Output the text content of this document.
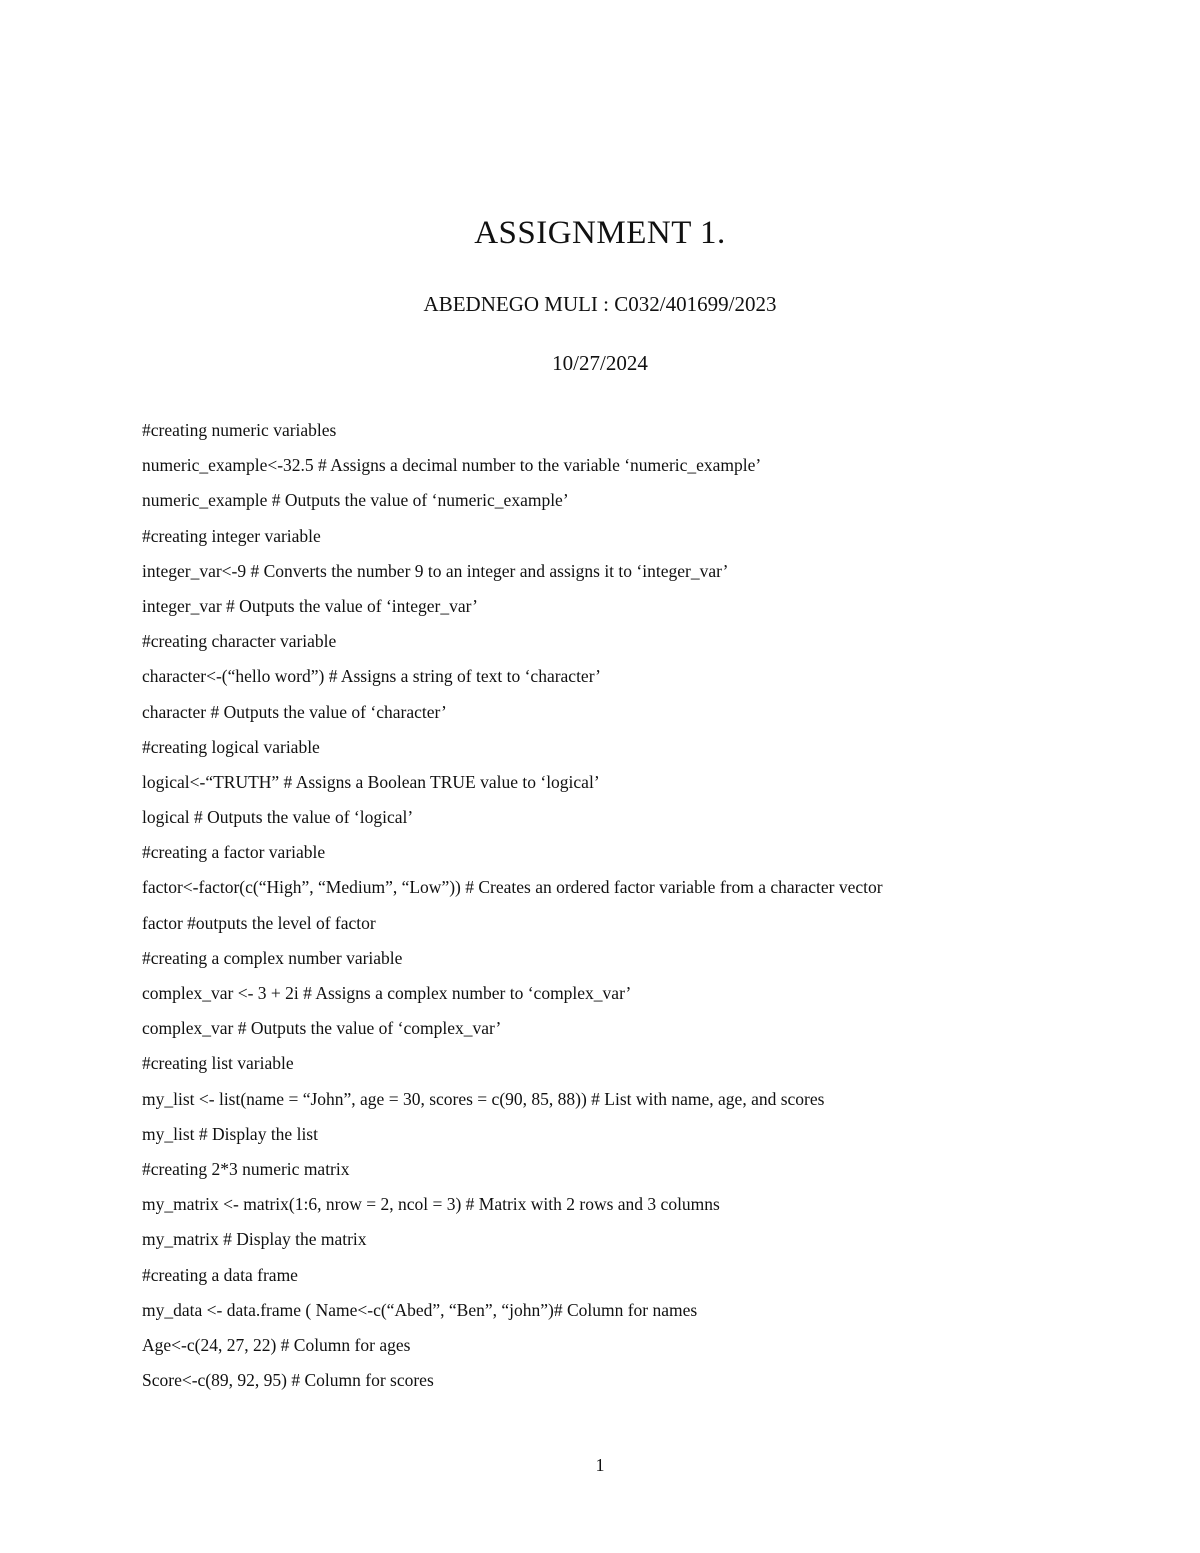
ASSIGNMENT 1.
ABEDNEGO MULI : C032/401699/2023
10/27/2024
#creating numeric variables
numeric_example<-32.5 # Assigns a decimal number to the variable ‘numeric_example’
numeric_example # Outputs the value of ‘numeric_example’
#creating integer variable
integer_var<-9 # Converts the number 9 to an integer and assigns it to ‘integer_var’
integer_var # Outputs the value of ‘integer_var’
#creating character variable
character<-(“hello word”) # Assigns a string of text to ‘character’
character # Outputs the value of ‘character’
#creating logical variable
logical<-“TRUTH” # Assigns a Boolean TRUE value to ‘logical’
logical # Outputs the value of ‘logical’
#creating a factor variable
factor<-factor(c(“High”, “Medium”, “Low”)) # Creates an ordered factor variable from a character vector
factor #outputs the level of factor
#creating a complex number variable
complex_var <- 3 + 2i # Assigns a complex number to ‘complex_var’
complex_var # Outputs the value of ‘complex_var’
#creating list variable
my_list <- list(name = “John”, age = 30, scores = c(90, 85, 88)) # List with name, age, and scores
my_list # Display the list
#creating 2*3 numeric matrix
my_matrix <- matrix(1:6, nrow = 2, ncol = 3) # Matrix with 2 rows and 3 columns
my_matrix # Display the matrix
#creating a data frame
my_data <- data.frame ( Name<-c(“Abed”, “Ben”, “john”)# Column for names
Age<-c(24, 27, 22) # Column for ages
Score<-c(89, 92, 95) # Column for scores
1
